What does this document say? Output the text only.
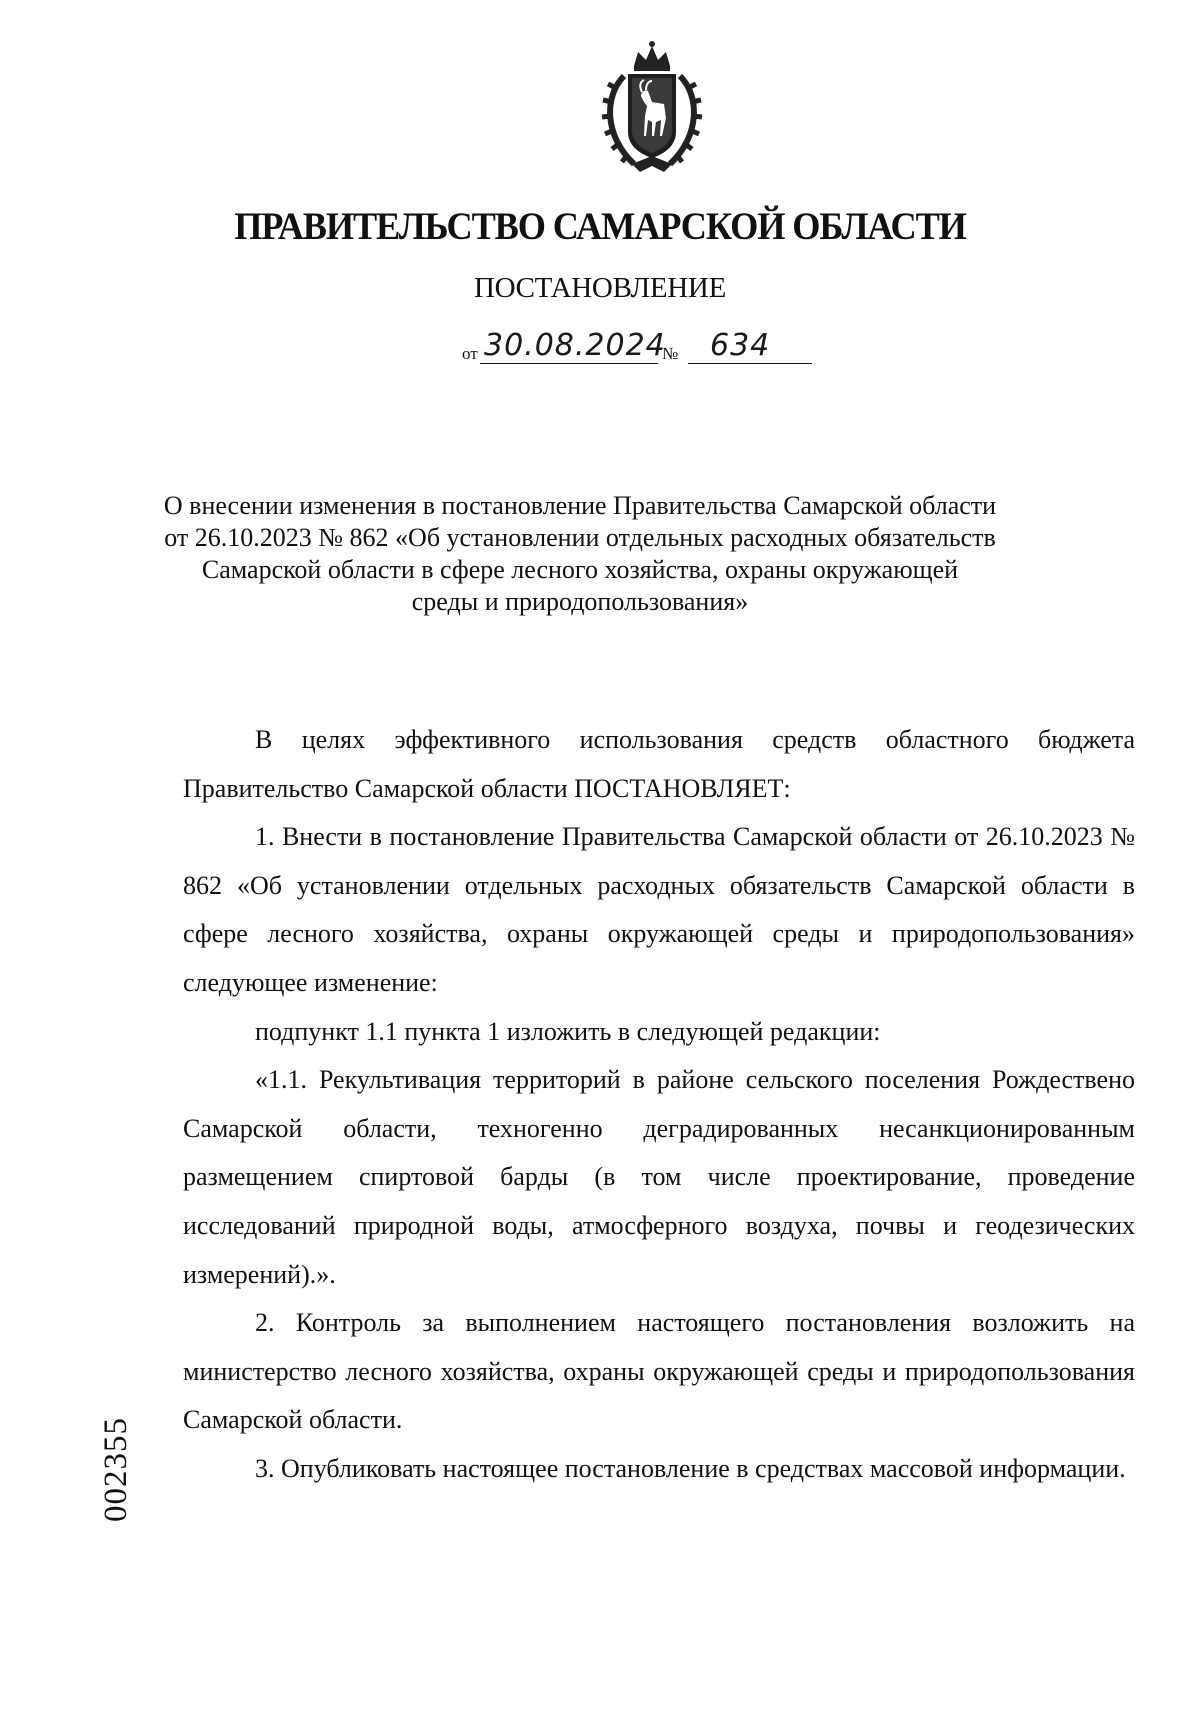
ПРАВИТЕЛЬСТВО САМАРСКОЙ ОБЛАСТИ
ПОСТАНОВЛЕНИЕ
от 30.08.2024
№ 634
О внесении изменения в постановление Правительства Самарской области
от 26.10.2023 № 862 «Об установлении отдельных расходных обязательств
Самарской области в сфере лесного хозяйства, охраны окружающей
среды и природопользования»

В целях эффективного использования средств областного бюджета Правительство Самарской области ПОСТАНОВЛЯЕТ:

1. Внести в постановление Правительства Самарской области от 26.10.2023 № 862 «Об установлении отдельных расходных обязательств Самарской области в сфере лесного хозяйства, охраны окружающей среды и природопользования» следующее изменение:

подпункт 1.1 пункта 1 изложить в следующей редакции:

«1.1. Рекультивация территорий в районе сельского поселения Рождествено Самарской области, техногенно деградированных несанкционированным размещением спиртовой барды (в том числе проектирование, проведение исследований природной воды, атмосферного воздуха, почвы и геодезических измерений).».

2. Контроль за выполнением настоящего постановления возложить на министерство лесного хозяйства, охраны окружающей среды и природопользования Самарской области.

3. Опубликовать настоящее постановление в средствах массовой информации.

002355
